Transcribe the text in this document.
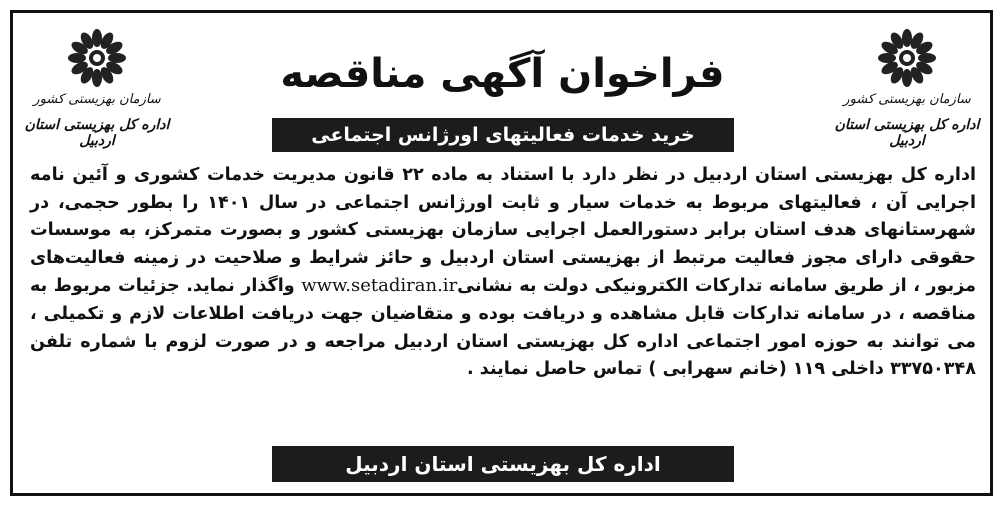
سازمان بهزیستی کشور
اداره کل بهزیستی استان اردبیل
سازمان بهزیستی کشور
اداره کل بهزیستی استان اردبیل
فراخوان آگهی مناقصه
خرید خدمات فعالیتهای اورژانس اجتماعی
اداره کل بهزیستی استان اردبیل در نظر دارد با استناد به ماده ۲۲ قانون مدیریت خدمات کشوری و آئین نامه اجرایی آن ، فعالیتهای مربوط به خدمات سیار و ثابت اورژانس اجتماعی در سال ۱۴۰۱ را بطور حجمی، در شهرستانهای هدف استان برابر دستورالعمل اجرایی سازمان بهزیستی کشور و بصورت متمرکز، به موسسات حقوقی دارای مجوز فعالیت مرتبط از بهزیستی استان اردبیل و حائز شرایط و صلاحیت در زمینه فعالیت‌های مزبور ، از طریق سامانه تدارکات الکترونیکی دولت به نشانیwww.setadiran.ir واگذار نماید. جزئیات مربوط به مناقصه ، در سامانه تدارکات قابل مشاهده و دریافت بوده و متقاضیان جهت دریافت اطلاعات لازم و تکمیلی ، می توانند به حوزه امور اجتماعی اداره کل بهزیستی استان اردبیل مراجعه و در صورت لزوم با شماره تلفن ۳۳۷۵۰۳۴۸ داخلی ۱۱۹ (خانم سهرابی ) تماس حاصل نمایند .
اداره کل بهزیستی استان اردبیل
